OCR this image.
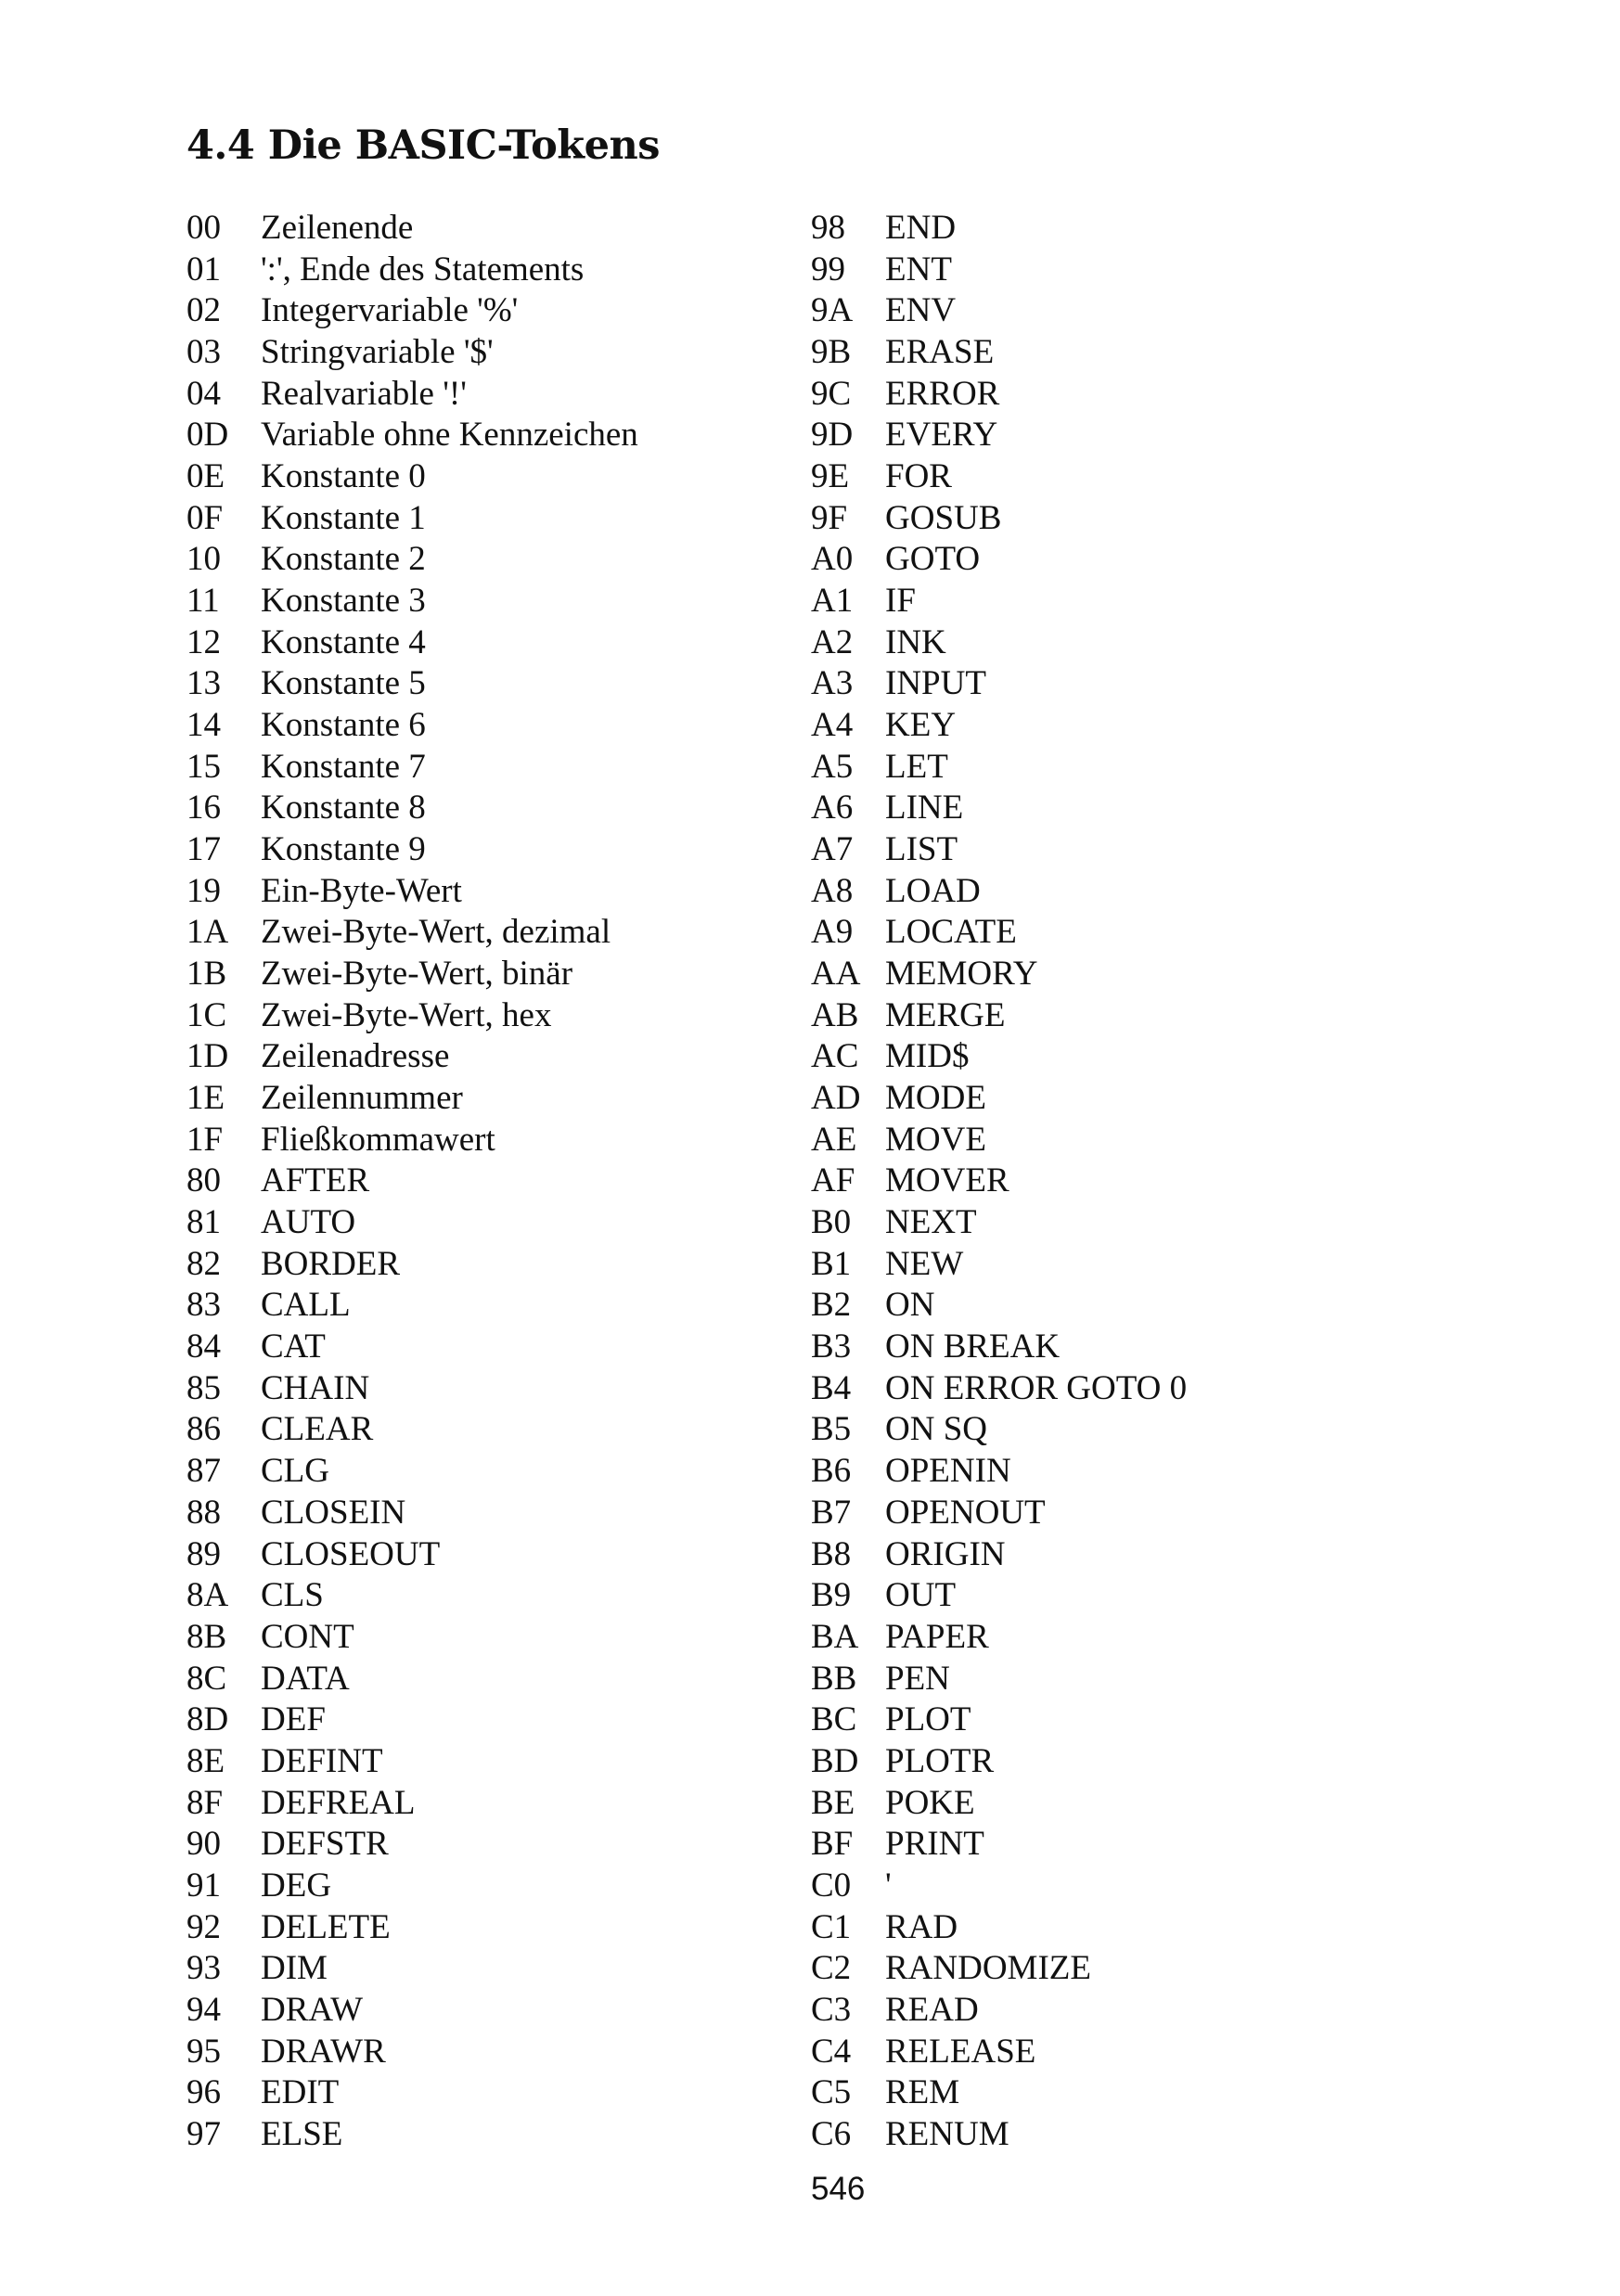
4.4 Die BASIC-Tokens
00	Zeilenende
01	':', Ende des Statements
02	Integervariable '%'
03	Stringvariable '$'
04	Realvariable '!'
0D Variable ohne Kennzeichen
0E	Konstante 0
0F	Konstante 1
10	Konstante 2
11	Konstante 3
12	Konstante 4
13	Konstante 5
14	Konstante 6
15	Konstante 7
16	Konstante 8
17	Konstante 9
19	Ein-Byte-Wert
1A Zwei-Byte-Wert, dezimal
1B Zwei-Byte-Wert, binär
1C Zwei-Byte-Wert, hex
1D Zeilenadresse
1E	Zeilennummer
1F	Fließkommawert
80	AFTER
81	AUTO
82	BORDER
83	CALL
84	CAT
85	CHAIN
86	CLEAR
87	CLG
88	CLOSEIN
89	CLOSEOUT
8A CLS
8B CONT
8C DATA
8D DEF
8E	DEFINT
8F	DEFREAL
90	DEFSTR
91	DEG
92	DELETE
93	DIM
94	DRAW
95	DRAWR
96	EDIT
97	ELSE
98	END
99	ENT
9A ENV
9B ERASE
9C ERROR
9D EVERY
9E	FOR
9F	GOSUB
A0 GOTO
A1 IF
A2 INK
A3 INPUT
A4 KEY
A5 LET
A6 LINE
A7 LIST
A8 LOAD
A9 LOCATE
AA MEMORY
AB MERGE
AC MID$
AD MODE
AE MOVE
AF MOVER
B0 NEXT
B1 NEW
B2 ON
B3 ON BREAK
B4 ON ERROR GOTO 0
B5 ON SQ
B6 OPENIN
B7 OPENOUT
B8 ORIGIN
B9 OUT
BA PAPER
BB PEN
BC PLOT
BD PLOTR
BE POKE
BF PRINT
C0 '
C1 RAD
C2 RANDOMIZE
C3 READ
C4 RELEASE
C5 REM
C6 RENUM

546
